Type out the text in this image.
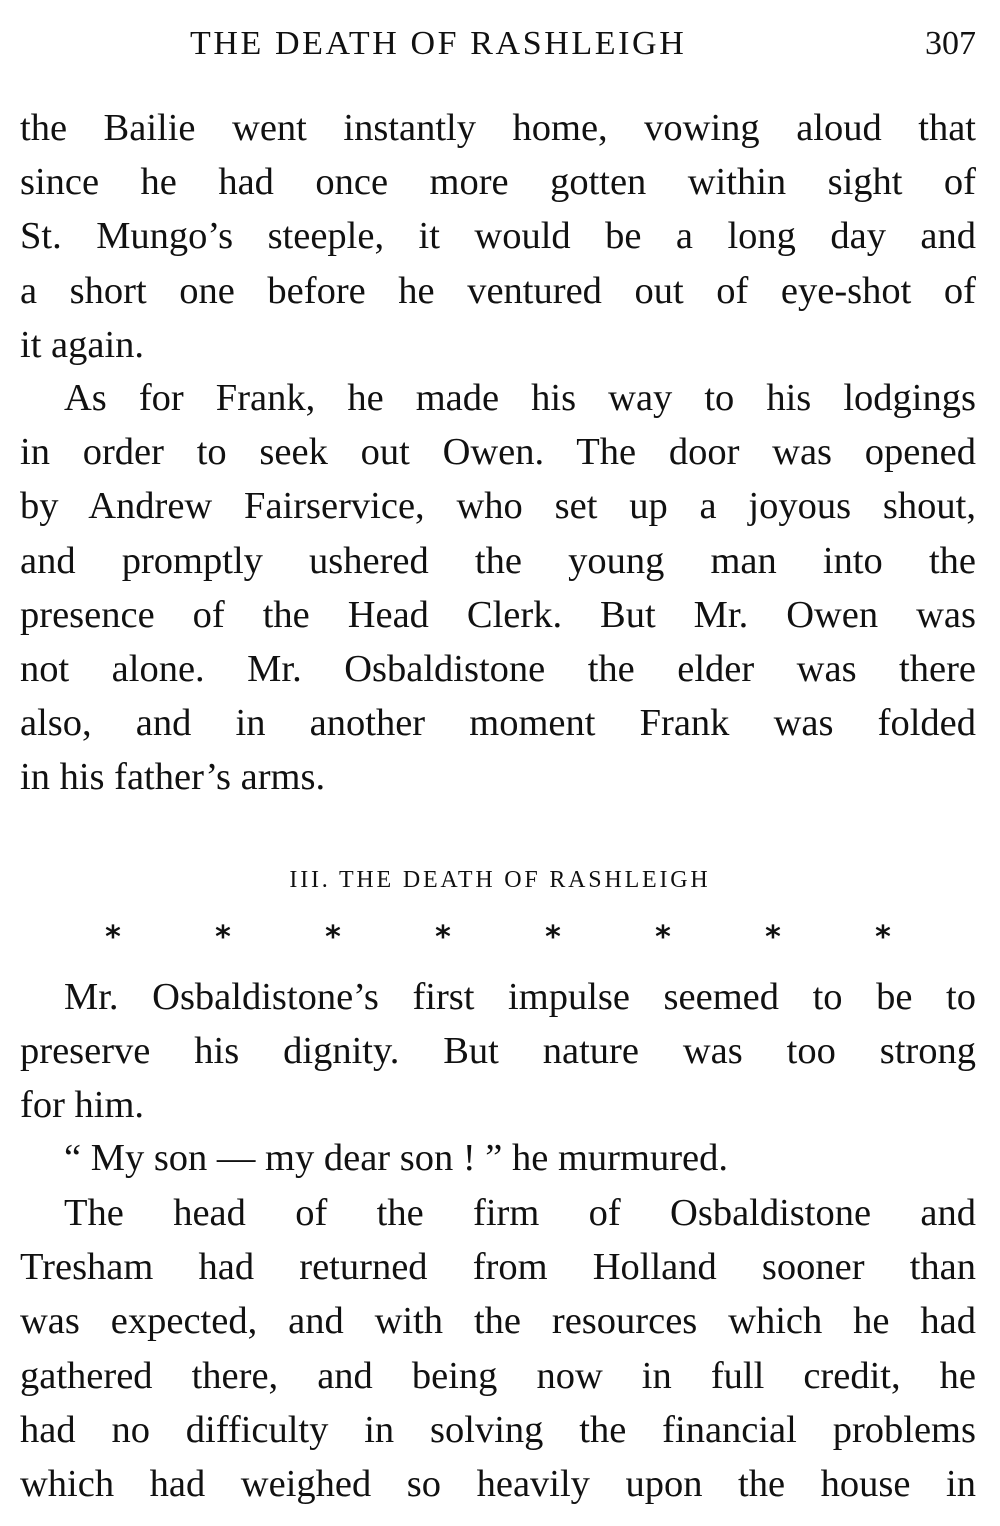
THE DEATH OF RASHLEIGH	307
the Bailie went instantly home, vowing aloud that
since he had once more gotten within sight of
St. Mungo’s steeple, it would be a long day and
a short one before he ventured out of eye-shot of
it again.
As for Frank, he made his way to his lodgings
in order to seek out Owen. The door was opened
by Andrew Fairservice, who set up a joyous shout,
and promptly ushered the young man into the
presence of the Head Clerk. But Mr. Owen was
not alone. Mr. Osbaldistone the elder was there
also, and in another moment Frank was folded
in his father’s arms.
III. THE DEATH OF RASHLEIGH
*	*	*	*	*	*	*	*
Mr. Osbaldistone’s first impulse seemed to be to
preserve his dignity. But nature was too strong
for him.
“ My son — my dear son ! ” he murmured.
The head of the firm of Osbaldistone and
Tresham had returned from Holland sooner than
was expected, and with the resources which he had
gathered there, and being now in full credit, he
had no difficulty in solving the financial problems
which had weighed so heavily upon the house in
